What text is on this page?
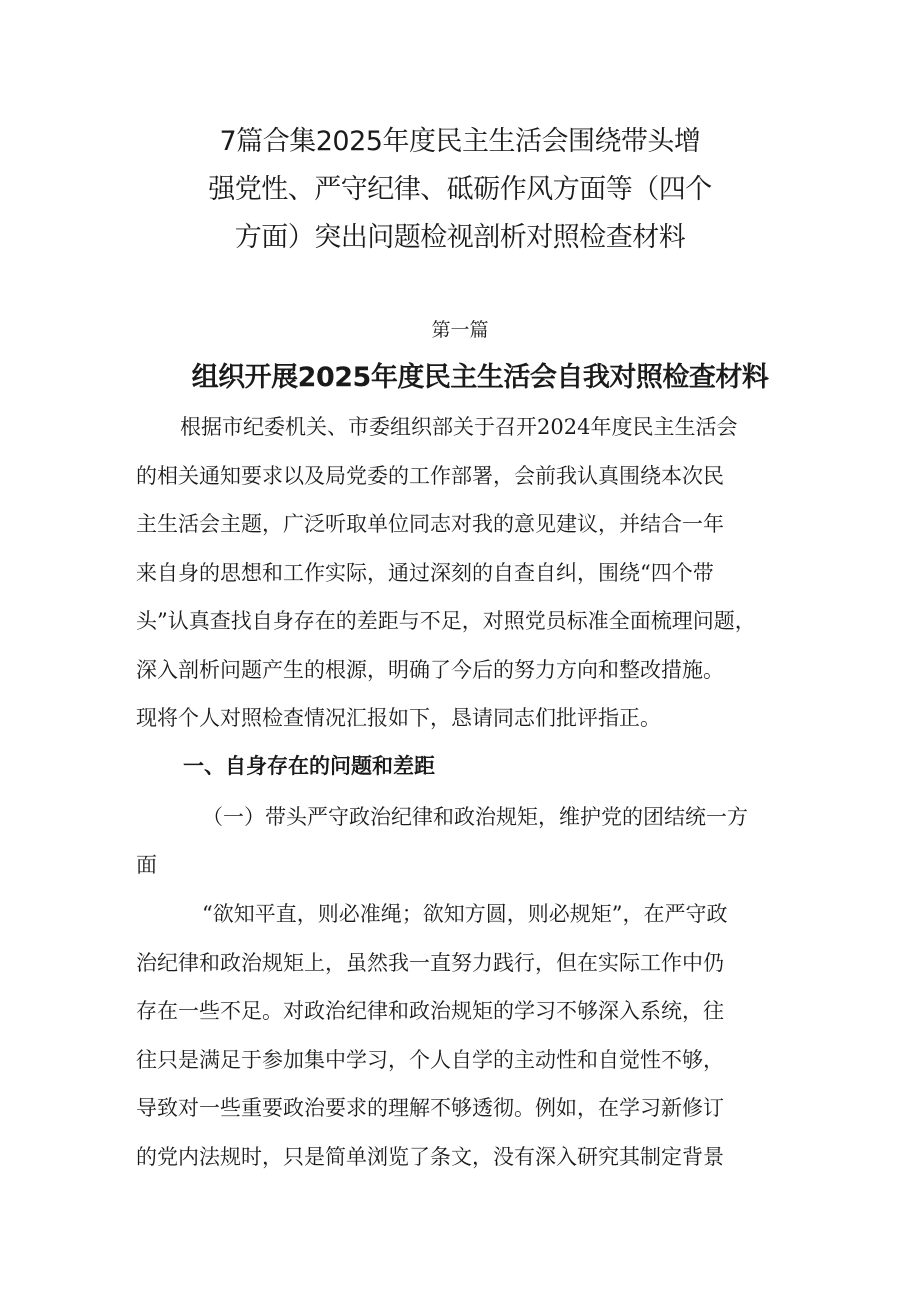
7篇合集2025年度民主生活会围绕带头增
强党性、严守纪律、砥砺作风方面等（四个
方面）突出问题检视剖析对照检查材料

第一篇

组织开展2025年度民主生活会自我对照检查材料

根据市纪委机关、市委组织部关于召开2024年度民主生活会
的相关通知要求以及局党委的工作部署，会前我认真围绕本次民
主生活会主题，广泛听取单位同志对我的意见建议，并结合一年
来自身的思想和工作实际，通过深刻的自查自纠，围绕“四个带
头”认真查找自身存在的差距与不足，对照党员标准全面梳理问题，
深入剖析问题产生的根源，明确了今后的努力方向和整改措施。
现将个人对照检查情况汇报如下，恳请同志们批评指正。

一、自身存在的问题和差距

（一）带头严守政治纪律和政治规矩，维护党的团结统一方
面

“欲知平直，则必准绳；欲知方圆，则必规矩”，在严守政
治纪律和政治规矩上，虽然我一直努力践行，但在实际工作中仍
存在一些不足。对政治纪律和政治规矩的学习不够深入系统，往
往只是满足于参加集中学习，个人自学的主动性和自觉性不够，
导致对一些重要政治要求的理解不够透彻。例如，在学习新修订
的党内法规时，只是简单浏览了条文，没有深入研究其制定背景
